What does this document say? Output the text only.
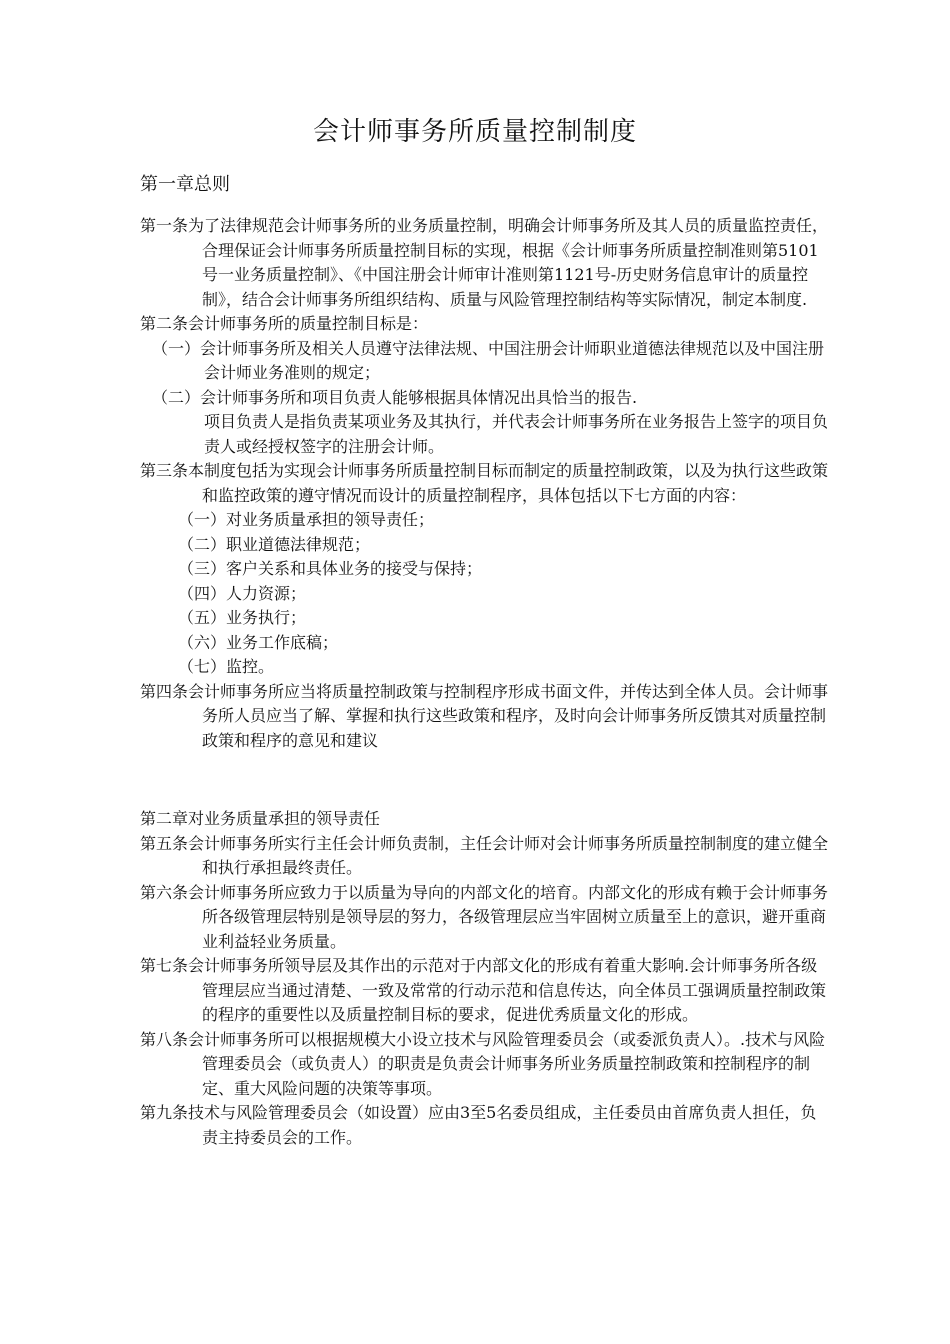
会计师事务所质量控制制度

第一章总则

第一条为了法律规范会计师事务所的业务质量控制，明确会计师事务所及其人员的质量监控责任，合理保证会计师事务所质量控制目标的实现，根据《会计师事务所质量控制准则第5101号一业务质量控制》、《中国注册会计师审计准则第1121号-历史财务信息审计的质量控制》，结合会计师事务所组织结构、质量与风险管理控制结构等实际情况，制定本制度.

第二条会计师事务所的质量控制目标是：

（一）会计师事务所及相关人员遵守法律法规、中国注册会计师职业道德法律规范以及中国注册会计师业务准则的规定；

（二）会计师事务所和项目负责人能够根据具体情况出具恰当的报告.

项目负责人是指负责某项业务及其执行，并代表会计师事务所在业务报告上签字的项目负责人或经授权签字的注册会计师。

第三条本制度包括为实现会计师事务所质量控制目标而制定的质量控制政策，以及为执行这些政策和监控政策的遵守情况而设计的质量控制程序，具体包括以下七方面的内容：

（一）对业务质量承担的领导责任；

（二）职业道德法律规范；

（三）客户关系和具体业务的接受与保持；

（四）人力资源；

（五）业务执行；

（六）业务工作底稿；

（七）监控。

第四条会计师事务所应当将质量控制政策与控制程序形成书面文件，并传达到全体人员。会计师事务所人员应当了解、掌握和执行这些政策和程序，及时向会计师事务所反馈其对质量控制政策和程序的意见和建议

第二章对业务质量承担的领导责任

第五条会计师事务所实行主任会计师负责制，主任会计师对会计师事务所质量控制制度的建立健全和执行承担最终责任。

第六条会计师事务所应致力于以质量为导向的内部文化的培育。内部文化的形成有赖于会计师事务所各级管理层特别是领导层的努力，各级管理层应当牢固树立质量至上的意识，避开重商业利益轻业务质量。

第七条会计师事务所领导层及其作出的示范对于内部文化的形成有着重大影响.会计师事务所各级管理层应当通过清楚、一致及常常的行动示范和信息传达，向全体员工强调质量控制政策的程序的重要性以及质量控制目标的要求，促进优秀质量文化的形成。

第八条会计师事务所可以根据规模大小设立技术与风险管理委员会（或委派负责人）。.技术与风险管理委员会（或负责人）的职责是负责会计师事务所业务质量控制政策和控制程序的制定、重大风险问题的决策等事项。

第九条技术与风险管理委员会（如设置）应由3至5名委员组成，主任委员由首席负责人担任，负责主持委员会的工作。
